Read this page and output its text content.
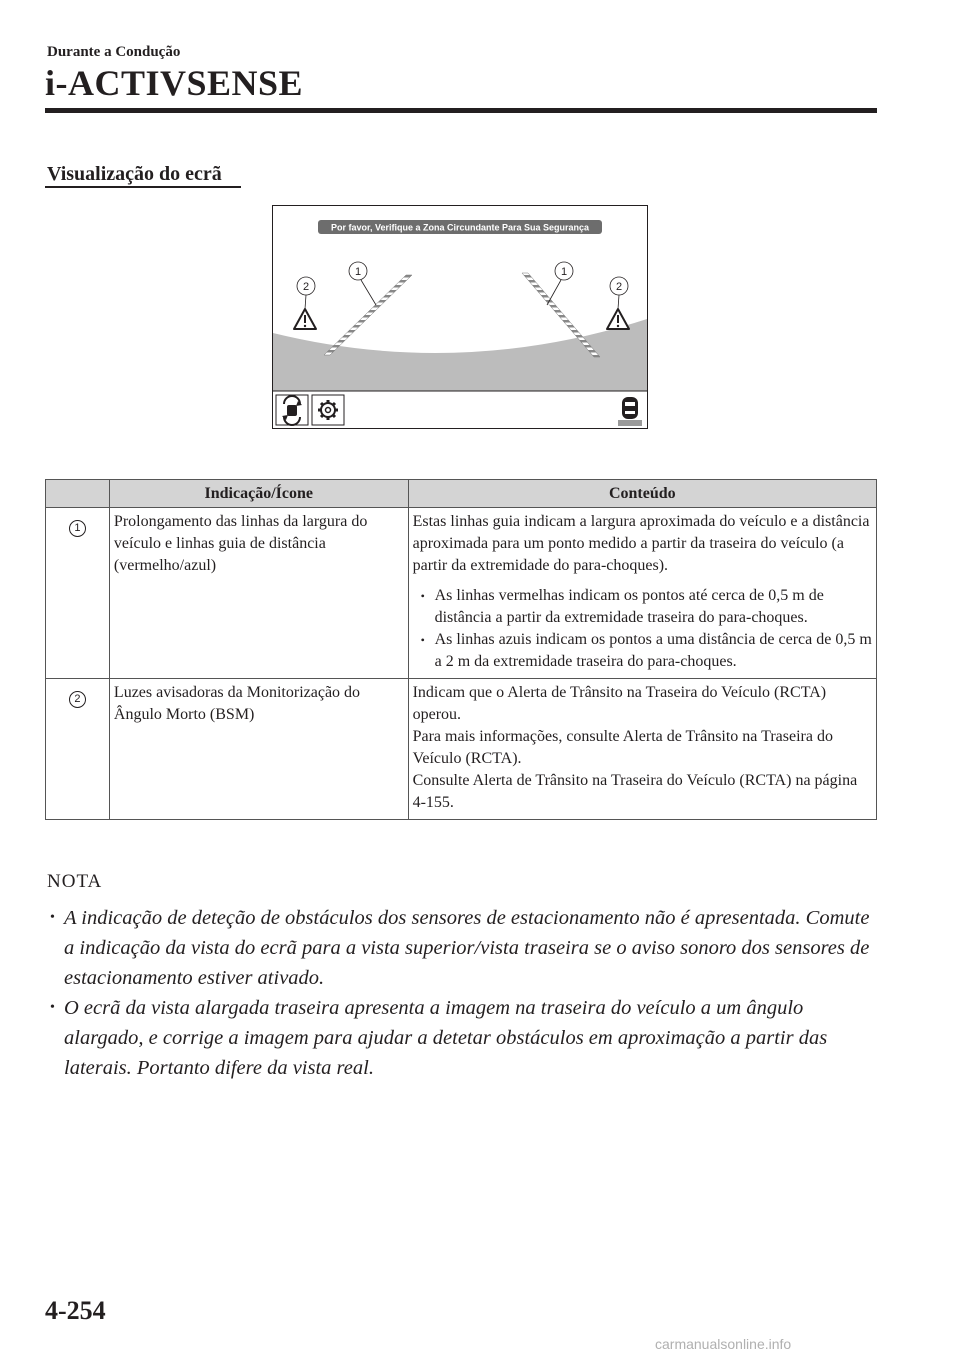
Durante a Condução
i-ACTIVSENSE
Visualização do ecrã
Por favor, Verifique a Zona Circundante Para Sua Segurança
2
1	1
2
	Indicação/Ícone	Conteúdo
1	Prolongamento das linhas da largura do veículo e linhas guia de distância (vermelho/azul)	Estas linhas guia indicam a largura aproximada do veículo e a distância aproximada para um ponto medido a partir da traseira do veículo (a partir da extremidade do para-choques).
• As linhas vermelhas indicam os pontos até cerca de 0,5 m de distância a partir da extremidade traseira do para-choques.
• As linhas azuis indicam os pontos a uma distância de cerca de 0,5 m a 2 m da extremidade traseira do para-choques.

2	Luzes avisadoras da Monitorização do Ângulo Morto (BSM)	Indicam que o Alerta de Trânsito na Traseira do Veículo (RCTA) operou.
Para mais informações, consulte Alerta de Trânsito na Traseira do Veículo (RCTA).
Consulte Alerta de Trânsito na Traseira do Veículo (RCTA) na página 4-155.
NOTA
• A indicação de deteção de obstáculos dos sensores de estacionamento não é apresentada. Comute a indicação da vista do ecrã para a vista superior/vista traseira se o aviso sonoro dos sensores de estacionamento estiver ativado.
• O ecrã da vista alargada traseira apresenta a imagem na traseira do veículo a um ângulo alargado, e corrige a imagem para ajudar a detetar obstáculos em aproximação a partir das laterais. Portanto difere da vista real.
4-254
carmanualsonline.info
